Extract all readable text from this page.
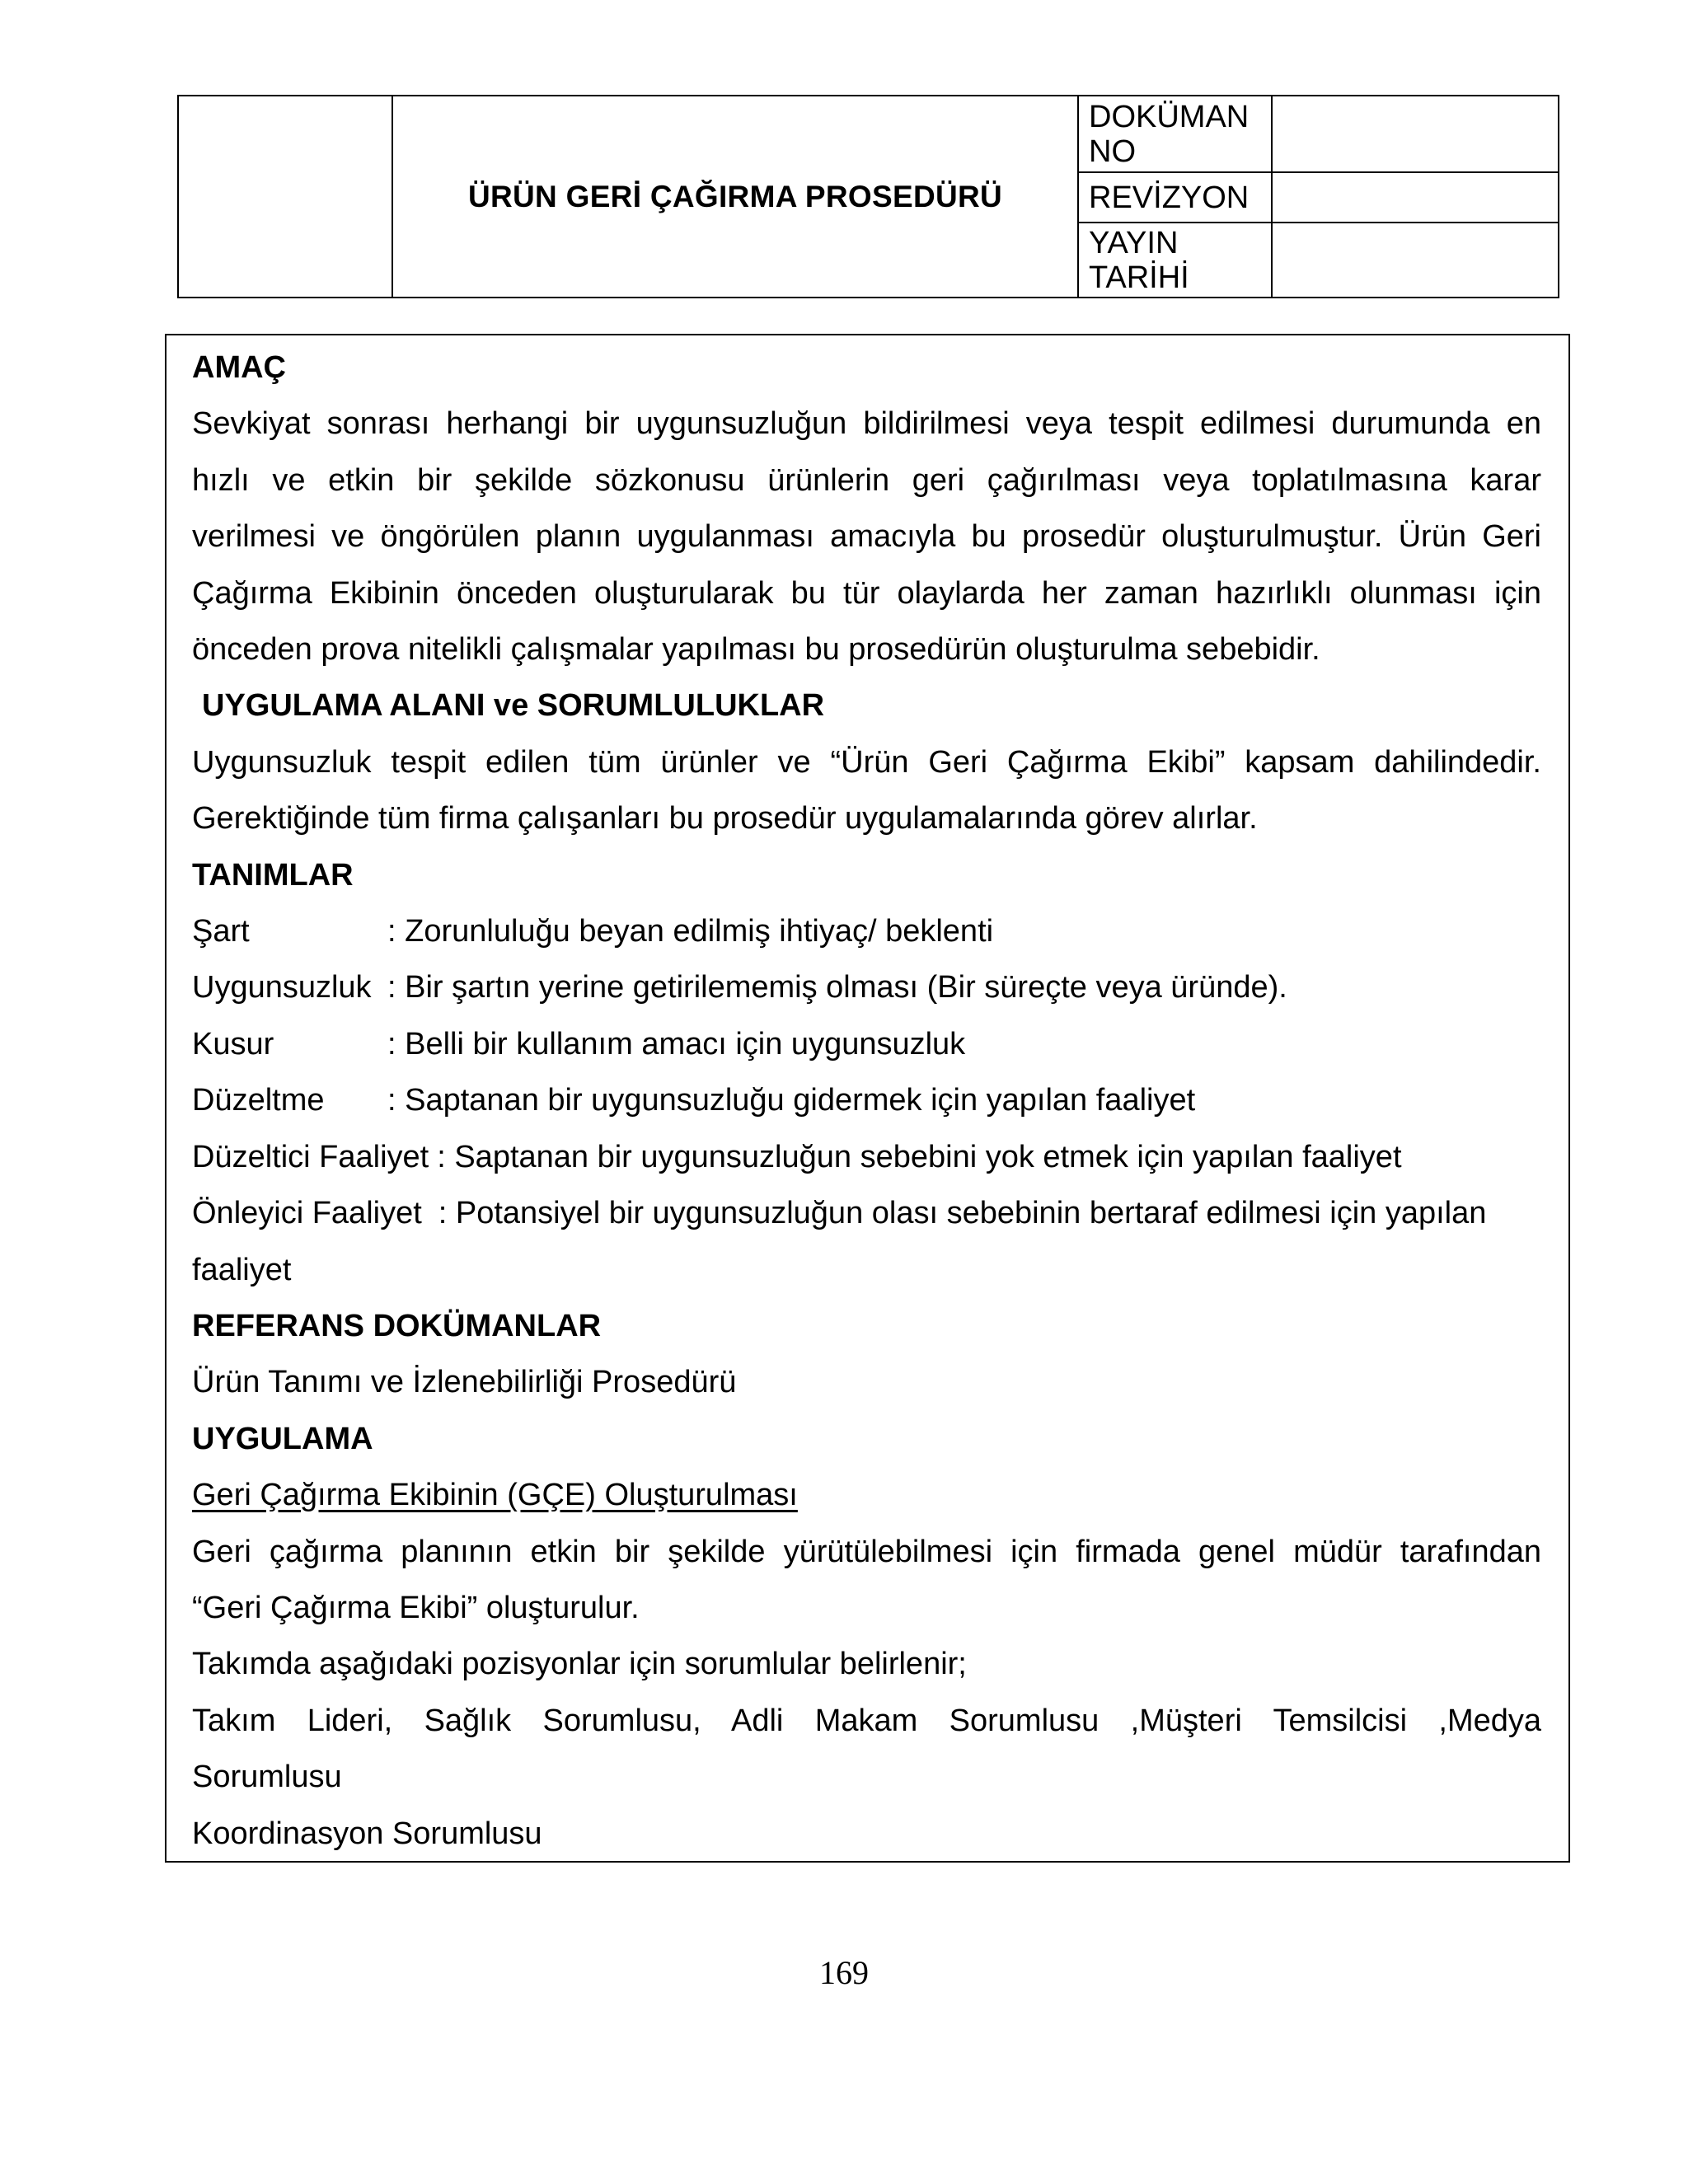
	ÜRÜN GERİ ÇAĞIRMA PROSEDÜRÜ	DOKÜMAN NO	
		REVİZYON	
		YAYIN TARİHİ	

AMAÇ

Sevkiyat sonrası herhangi bir uygunsuzluğun bildirilmesi veya tespit edilmesi durumunda en

hızlı ve etkin bir şekilde sözkonusu ürünlerin geri çağırılması veya toplatılmasına karar

verilmesi ve öngörülen planın uygulanması amacıyla bu prosedür oluşturulmuştur. Ürün Geri

Çağırma Ekibinin önceden oluşturularak bu tür olaylarda her zaman hazırlıklı olunması için

önceden prova nitelikli çalışmalar yapılması bu prosedürün oluşturulma sebebidir.

UYGULAMA ALANI ve SORUMLULUKLAR

Uygunsuzluk tespit edilen tüm ürünler ve “Ürün Geri Çağırma Ekibi” kapsam dahilindedir.

Gerektiğinde tüm firma çalışanları bu prosedür uygulamalarında görev alırlar.

TANIMLAR

Şart	: Zorunluluğu beyan edilmiş ihtiyaç/ beklenti
Uygunsuzluk : Bir şartın yerine getirilememiş olması (Bir süreçte veya üründe).
Kusur	: Belli bir kullanım amacı için uygunsuzluk
Düzeltme	: Saptanan bir uygunsuzluğu gidermek için yapılan faaliyet
Düzeltici Faaliyet : Saptanan bir uygunsuzluğun sebebini yok etmek için yapılan faaliyet
Önleyici Faaliyet : Potansiyel bir uygunsuzluğun olası sebebinin bertaraf edilmesi için yapılan

faaliyet

REFERANS DOKÜMANLAR

Ürün Tanımı ve İzlenebilirliği Prosedürü

UYGULAMA

Geri Çağırma Ekibinin (GÇE) Oluşturulması

Geri çağırma planının etkin bir şekilde yürütülebilmesi için firmada genel müdür tarafından

“Geri Çağırma Ekibi” oluşturulur.

Takımda aşağıdaki pozisyonlar için sorumlular belirlenir;

Takım Lideri, Sağlık Sorumlusu, Adli Makam Sorumlusu ,Müşteri Temsilcisi ,Medya

Sorumlusu

Koordinasyon Sorumlusu

169
